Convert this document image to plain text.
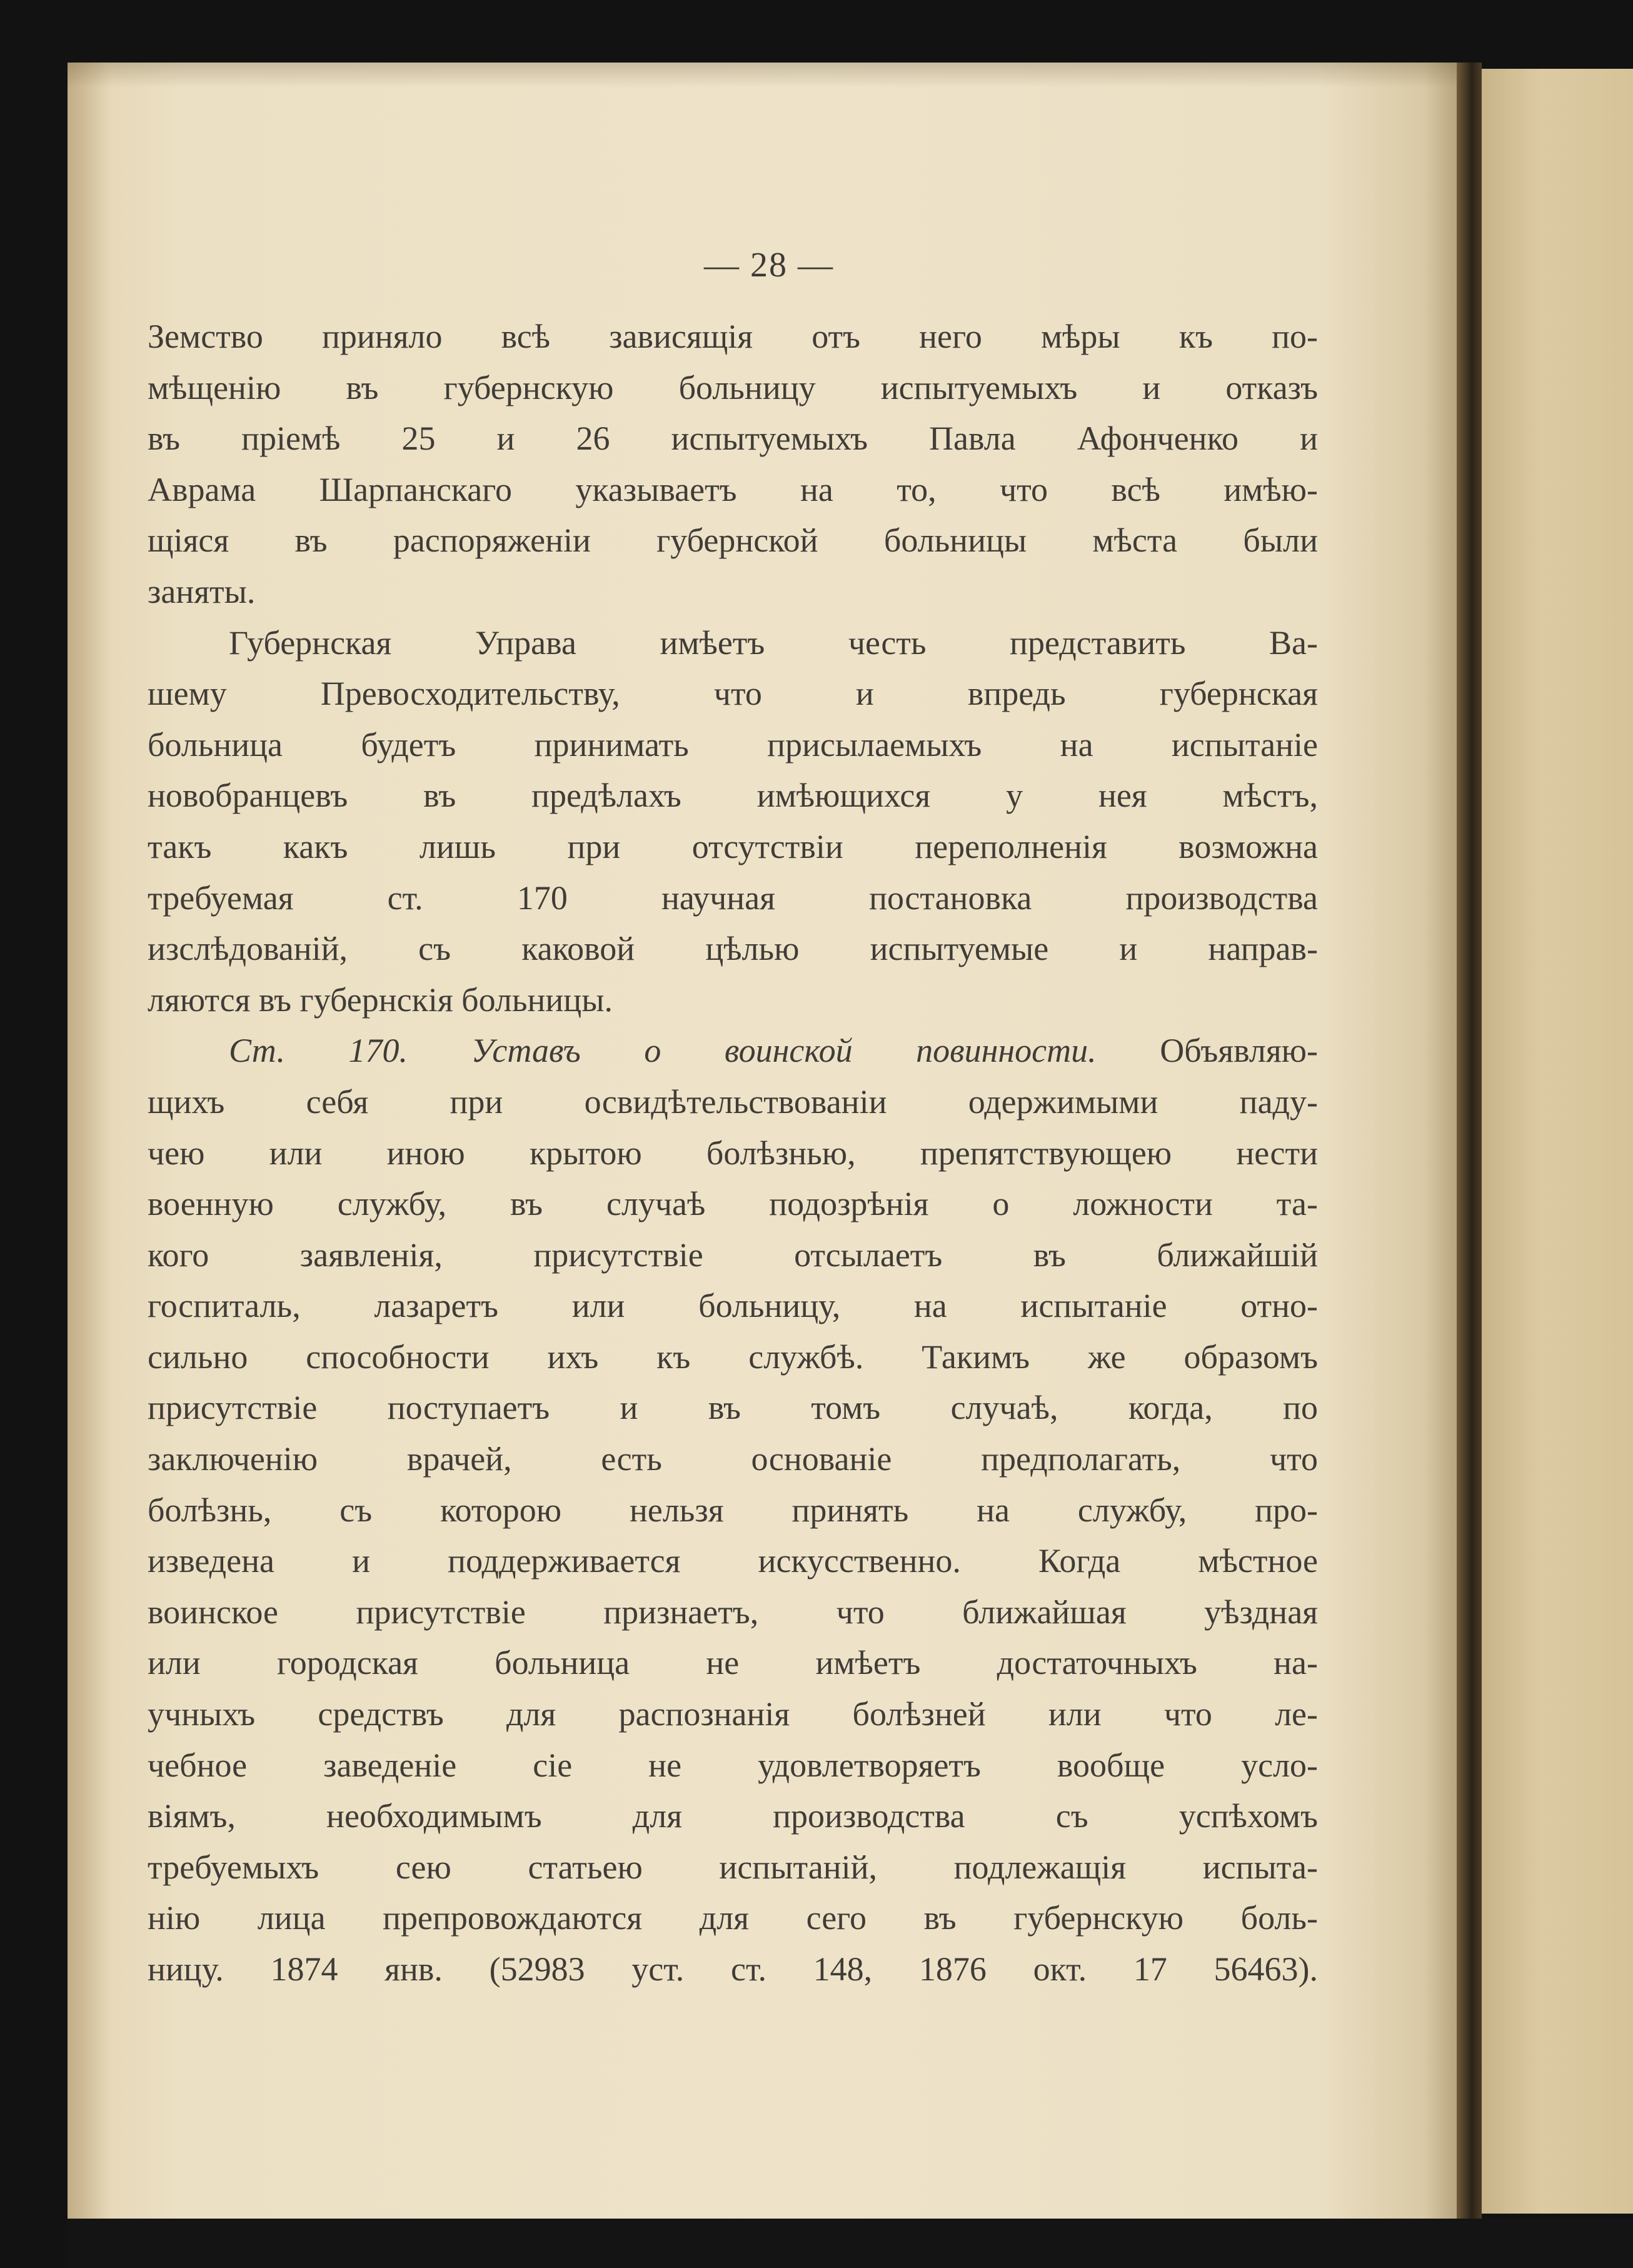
— 28 —
Земство приняло всѣ зависящія отъ него мѣры къ по-
мѣщенію въ губернскую больницу испытуемыхъ и отказъ
въ пріемѣ 25 и 26 испытуемыхъ Павла Афонченко и
Аврама Шарпанскаго указываетъ на то, что всѣ имѣю-
щіяся въ распоряженіи губернской больницы мѣста были
заняты.
Губернская Управа имѣетъ честь представить Ва-
шему Превосходительству, что и впредь губернская
больница будетъ принимать присылаемыхъ на испытаніе
новобранцевъ въ предѣлахъ имѣющихся у нея мѣстъ,
такъ какъ лишь при отсутствіи переполненія возможна
требуемая ст. 170 научная постановка производства
изслѣдованій, съ каковой цѣлью испытуемые и направ-
ляются въ губернскія больницы.
Ст. 170. Уставъ о воинской повинности. Объявляю-
щихъ себя при освидѣтельствованіи одержимыми паду-
чею или иною крытою болѣзнью, препятствующею нести
военную службу, въ случаѣ подозрѣнія о ложности та-
кого заявленія, присутствіе отсылаетъ въ ближайшій
госпиталь, лазаретъ или больницу, на испытаніе отно-
сильно способности ихъ къ службѣ. Такимъ же образомъ
присутствіе поступаетъ и въ томъ случаѣ, когда, по
заключенію врачей, есть основаніе предполагать, что
болѣзнь, съ которою нельзя принять на службу, про-
изведена и поддерживается искусственно. Когда мѣстное
воинское присутствіе признаетъ, что ближайшая уѣздная
или городская больница не имѣетъ достаточныхъ на-
учныхъ средствъ для распознанія болѣзней или что ле-
чебное заведеніе сіе не удовлетворяетъ вообще усло-
віямъ, необходимымъ для производства съ успѣхомъ
требуемыхъ сею статьею испытаній, подлежащія испыта-
нію лица препровождаются для сего въ губернскую боль-
ницу. 1874 янв. (52983 уст. ст. 148, 1876 окт. 17 56463).
